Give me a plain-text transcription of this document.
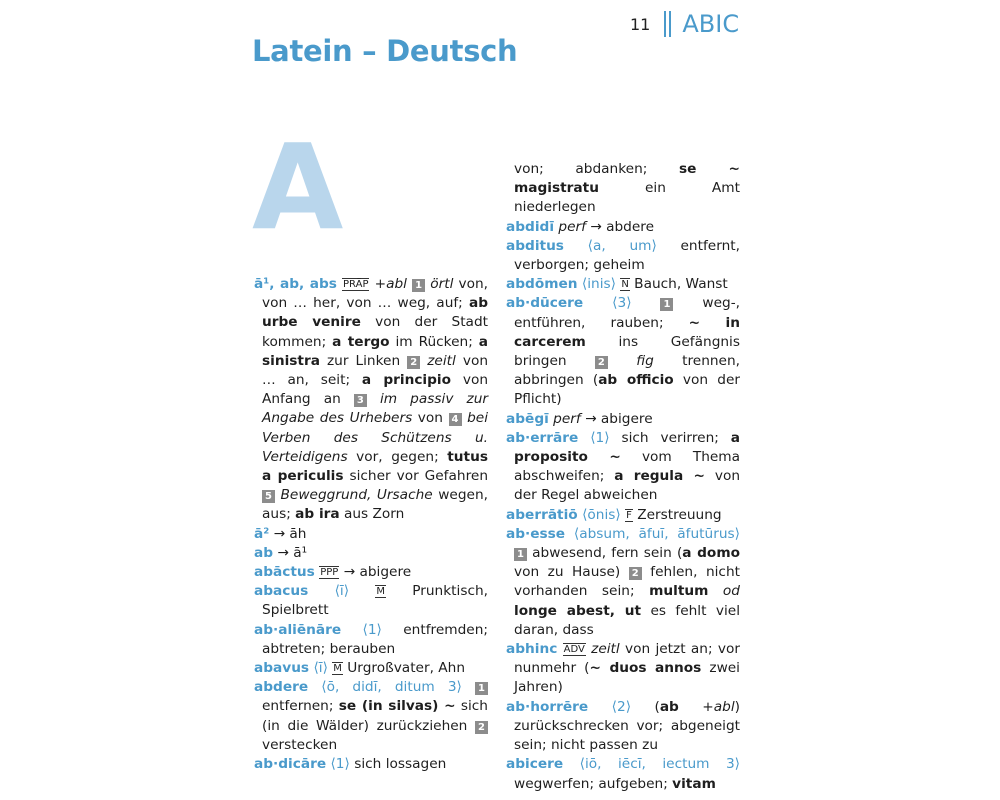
Latein – Deutsch
11 ABIC
A
ā¹, ab, abs PRÄP +abl 1 örtl von, von … her, von … weg, auf; ab urbe venire von der Stadt kommen; a tergo im Rücken; a sinistra zur Linken 2 zeitl von … an, seit; a principio von Anfang an 3 im passiv zur Angabe des Urhebers von 4 bei Verben des Schützens u. Verteidigens vor, gegen; tutus a periculis sicher vor Gefahren 5 Beweggrund, Ursache wegen, aus; ab ira aus Zorn
ā² → āh
ab → ā¹
abāctus PPP → abigere
abacus ⟨ī⟩	M Prunktisch, Spielbrett
ab·aliēnāre ⟨1⟩ entfremden; abtreten; berauben
abavus ⟨ī⟩ M Urgroßvater, Ahn
abdere ⟨ō, didī, ditum 3⟩ 1 entfernen; se (in silvas) ~ sich (in die Wälder) zurückziehen 2 verstecken
ab·dicāre ⟨1⟩ sich lossagen
von; abdanken; se ~ magistratu ein Amt niederlegen
abdidī perf → abdere
abditus ⟨a, um⟩ entfernt, verborgen; geheim
abdōmen ⟨inis⟩ N Bauch, Wanst
ab·dūcere ⟨3⟩	1 weg-, entführen, rauben; ~ in carcerem ins Gefängnis bringen 2 fig trennen, abbringen (ab officio von der Pflicht)
abēgī perf → abigere
ab·errāre ⟨1⟩ sich verirren; a proposito ~ vom Thema abschweifen; a regula ~ von der Regel abweichen
aberrātiō ⟨ōnis⟩ F Zerstreuung
ab·esse ⟨absum, āfuī, āfutūrus⟩ 1 abwesend, fern sein (a domo von zu Hause) 2 fehlen, nicht vorhanden sein; multum od longe abest, ut es fehlt viel daran, dass
abhinc ADV zeitl von jetzt an; vor nunmehr (~ duos annos zwei Jahren)
ab·horrēre ⟨2⟩ (ab +abl) zurückschrecken vor; abgeneigt sein; nicht passen zu
abicere ⟨iō, iēcī, iectum 3⟩ wegwerfen; aufgeben; vitam
